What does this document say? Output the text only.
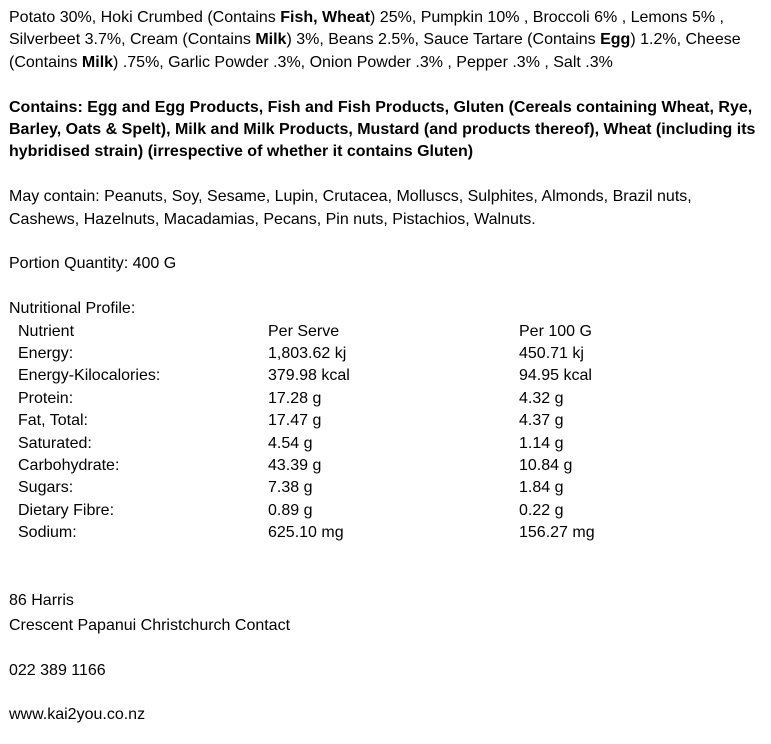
Potato 30%, Hoki Crumbed (Contains Fish, Wheat) 25%, Pumpkin 10% , Broccoli 6% , Lemons 5% , Silverbeet 3.7%, Cream (Contains Milk) 3%, Beans 2.5%, Sauce Tartare (Contains Egg) 1.2%, Cheese (Contains Milk) .75%, Garlic Powder .3%, Onion Powder .3% , Pepper .3% , Salt .3%

Contains: Egg and Egg Products, Fish and Fish Products, Gluten (Cereals containing Wheat, Rye, Barley, Oats & Spelt), Milk and Milk Products, Mustard (and products thereof), Wheat (including its hybridised strain) (irrespective of whether it contains Gluten)

May contain: Peanuts, Soy, Sesame, Lupin, Crutacea, Molluscs, Sulphites, Almonds, Brazil nuts, Cashews, Hazelnuts, Macadamias, Pecans, Pin nuts, Pistachios, Walnuts.

Portion Quantity: 400 G

Nutritional Profile:

Nutrient	Per Serve	Per 100 G
Energy:	1,803.62 kj	450.71 kj
Energy-Kilocalories:	379.98 kcal	94.95 kcal
Protein:	17.28 g	4.32 g
Fat, Total:	17.47 g	4.37 g
Saturated:	4.54 g	1.14 g
Carbohydrate:	43.39 g	10.84 g
Sugars:	7.38 g	1.84 g
Dietary Fibre:	0.89 g	0.22 g
Sodium:	625.10 mg	156.27 mg

86 Harris

Crescent Papanui Christchurch Contact

022 389 1166

www.kai2you.co.nz
